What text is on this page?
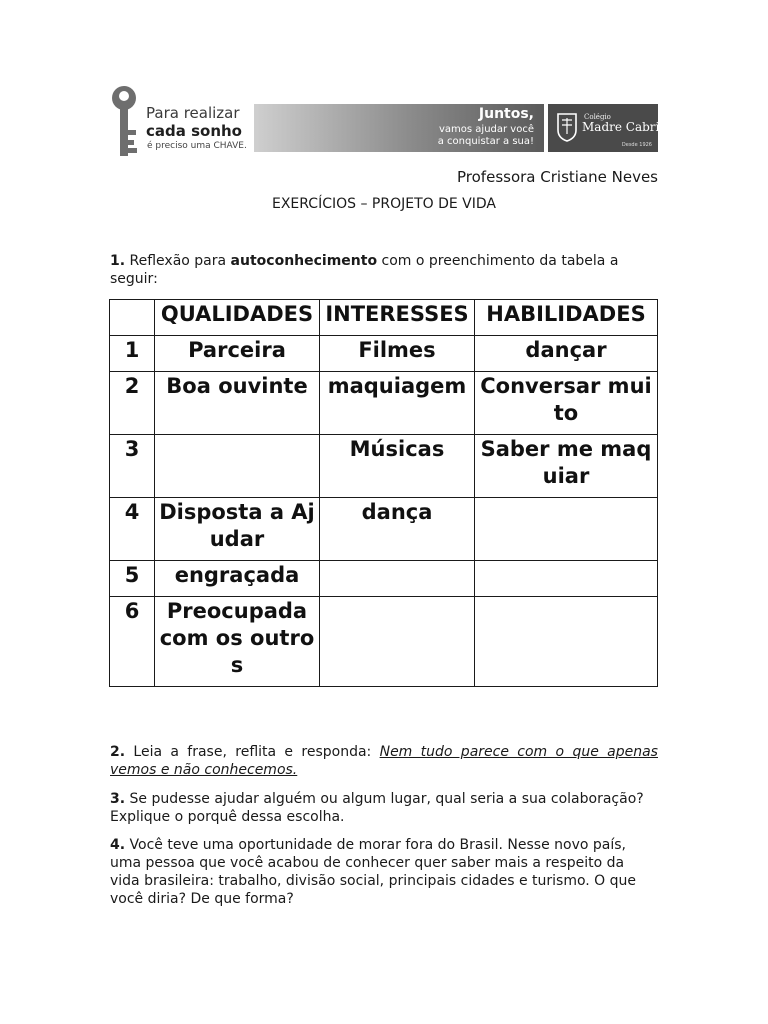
Para realizar
cada sonho
é preciso uma CHAVE.
Juntos,
vamos ajudar você
a conquistar a sua!
Colégio
Madre Cabrini
Desde 1926
Professora Cristiane Neves
EXERCÍCIOS – PROJETO DE VIDA
1. Reflexão para autoconhecimento com o preenchimento da tabela a seguir:
	QUALIDADES	INTERESSES	HABILIDADES
1	Parceira	Filmes	dançar
2	Boa ouvinte	maquiagem	Conversar muito
3		Músicas	Saber me maquiar
4	Disposta a Ajudar	dança	
5	engraçada		
6	Preocupada com os outros		
2. Leia a frase, reflita e responda: Nem tudo parece com o que apenas vemos e não conhecemos.
3. Se pudesse ajudar alguém ou algum lugar, qual seria a sua colaboração? Explique o porquê dessa escolha.
4. Você teve uma oportunidade de morar fora do Brasil. Nesse novo país, uma pessoa que você acabou de conhecer quer saber mais a respeito da vida brasileira: trabalho, divisão social, principais cidades e turismo. O que você diria? De que forma?
